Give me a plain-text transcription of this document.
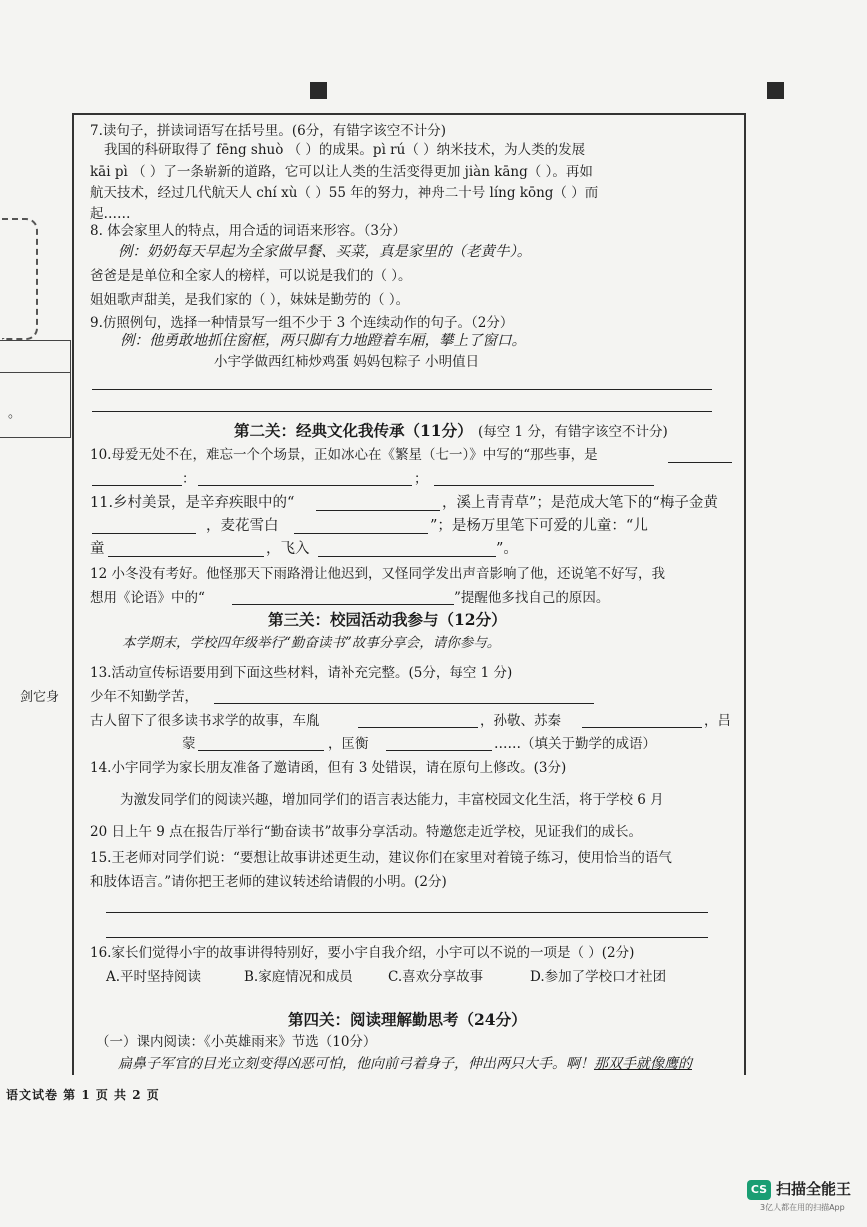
。
剑它身
7.读句子，拼读词语写在括号里。(6分，有错字该空不计分)
我国的科研取得了 fēng shuò （ ）的成果。pì rú（ ）纳米技术，为人类的发展
kāi pì （ ）了一条崭新的道路，它可以让人类的生活变得更加 jiàn kāng（ ）。再如
航天技术，经过几代航天人 chí xù（ ）55 年的努力，神舟二十号 líng kōng（ ）而
起……
8. 体会家里人的特点，用合适的词语来形容。（3分）
例：奶奶每天早起为全家做早餐、买菜，真是家里的（老黄牛）。
爸爸是是单位和全家人的榜样，可以说是我们的（ ）。
姐姐歌声甜美，是我们家的（ ），妹妹是勤劳的（ ）。
9.仿照例句，选择一种情景写一组不少于 3 个连续动作的句子。（2分）
例：他勇敢地抓住窗框，两只脚有力地蹬着车厢，攀上了窗口。
小宇学做西红柿炒鸡蛋 妈妈包粽子 小明值日
第二关：经典文化我传承（11分） (每空 1 分，有错字该空不计分)
10.母爱无处不在，难忘一个个场景，正如冰心在《繁星（七一）》中写的“那些事，是
：	；
11.乡村美景，是辛弃疾眼中的“	，溪上青青草”；是范成大笔下的“梅子金黄
，麦花雪白	”；是杨万里笔下可爱的儿童：“儿
童	，飞入	”。
12 小冬没有考好。他怪那天下雨路滑让他迟到，又怪同学发出声音影响了他，还说笔不好写，我
想用《论语》中的“	”提醒他多找自己的原因。
第三关：校园活动我参与（12分）
本学期末，学校四年级举行“勤奋读书”故事分享会，请你参与。
13.活动宣传标语要用到下面这些材料，请补充完整。(5分，每空 1 分)
少年不知勤学苦，
古人留下了很多读书求学的故事，车胤	，孙敬、苏秦	，吕
蒙	，匡衡	……（填关于勤学的成语）
14.小宇同学为家长朋友准备了邀请函，但有 3 处错误，请在原句上修改。(3分)
为激发同学们的阅读兴趣，增加同学们的语言表达能力，丰富校园文化生活，将于学校 6 月
20 日上午 9 点在报告厅举行“勤奋读书”故事分享活动。特邀您走近学校，见证我们的成长。
15.王老师对同学们说：“要想让故事讲述更生动，建议你们在家里对着镜子练习，使用恰当的语气
和肢体语言。”请你把王老师的建议转述给请假的小明。(2分)
16.家长们觉得小宇的故事讲得特别好，要小宇自我介绍，小宇可以不说的一项是（ ）(2分)
A.平时坚持阅读	B.家庭情况和成员	C.喜欢分享故事	D.参加了学校口才社团
第四关：阅读理解勤思考（24分）
（一）课内阅读：《小英雄雨来》节选（10分）
扁鼻子军官的目光立刻变得凶恶可怕，他向前弓着身子，伸出两只大手。啊！那双手就像鹰的
语文试卷 第 1 页 共 2 页
CS 扫描全能王
3亿人都在用的扫描App
